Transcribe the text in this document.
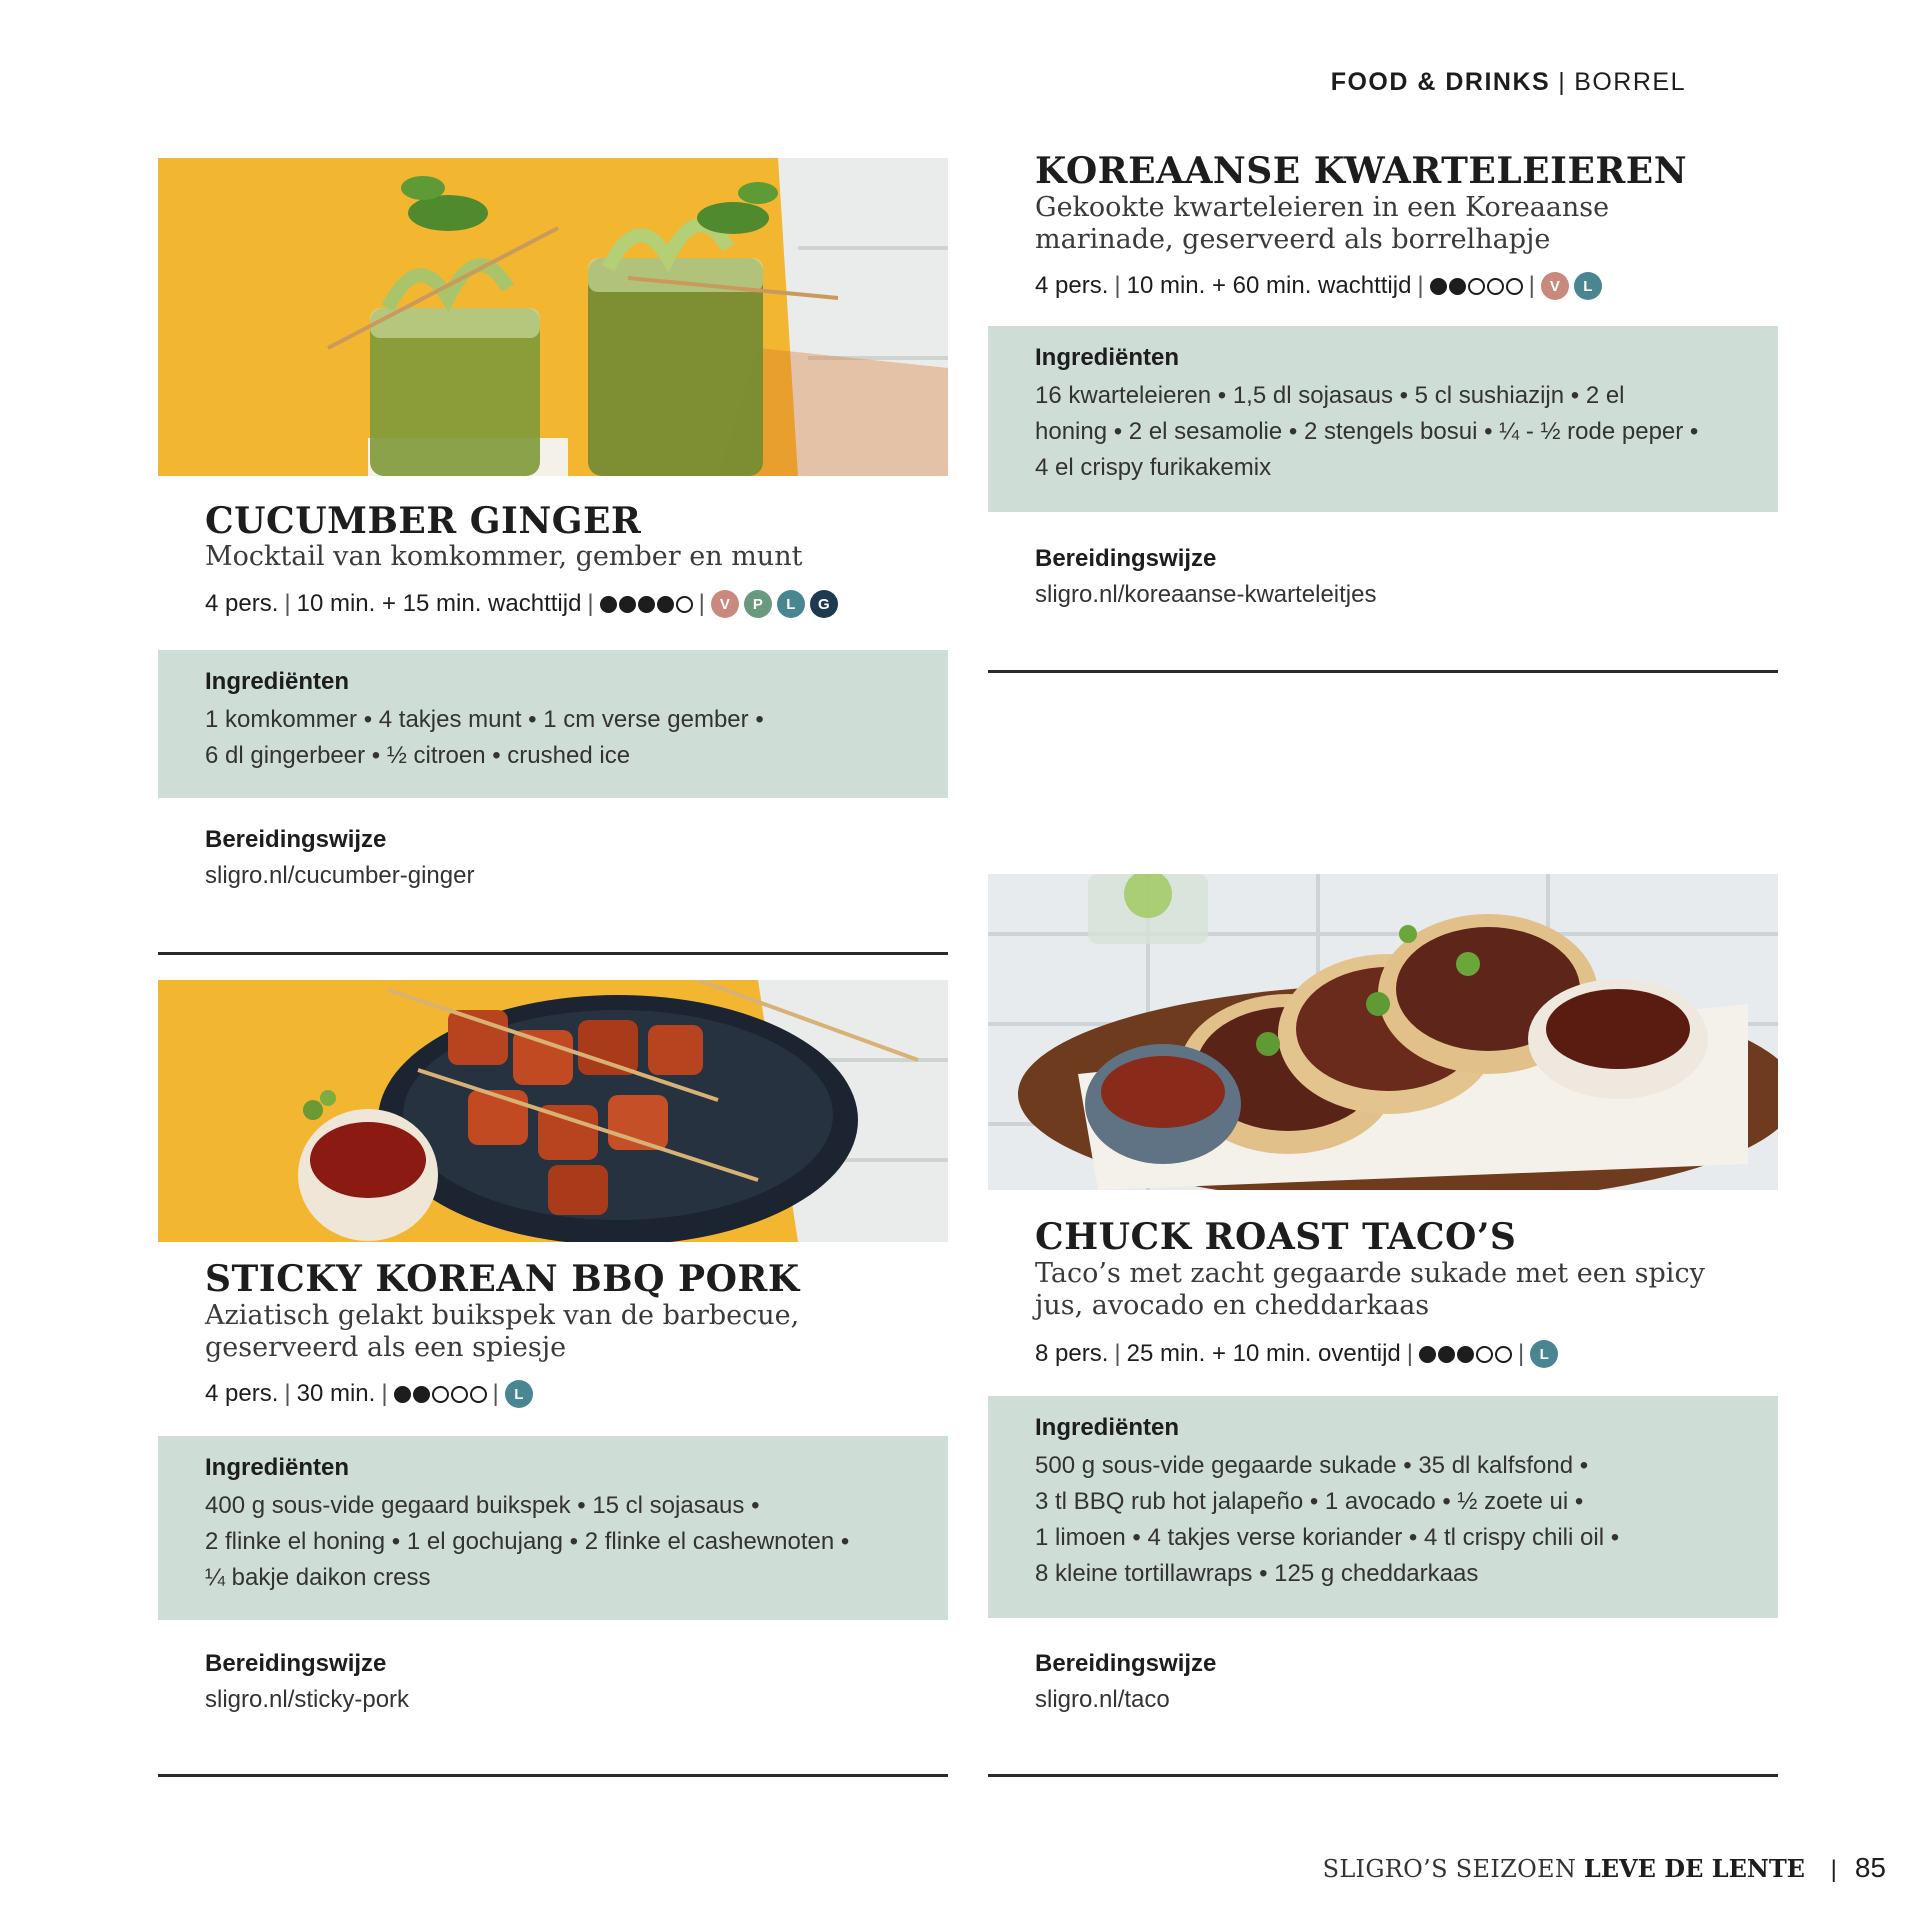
FOOD & DRINKS | BORREL
CUCUMBER GINGER
Mocktail van komkommer, gember en munt
4 pers. | 10 min. + 15 min. wachttijd |	| V	P	L	G
Ingrediënten
1 komkommer • 4 takjes munt • 1 cm verse gember •
6 dl gingerbeer • ½ citroen • crushed ice
Bereidingswijze
sligro.nl/cucumber-ginger
KOREAANSE KWARTELEIEREN
Gekookte kwarteleieren in een Koreaanse marinade, geserveerd als borrelhapje
4 pers. | 10 min. + 60 min. wachttijd |	| V	L
Ingrediënten
16 kwarteleieren • 1,5 dl sojasaus • 5 cl sushiazijn • 2 el
honing • 2 el sesamolie • 2 stengels bosui • ¼ - ½ rode peper •
4 el crispy furikakemix
Bereidingswijze
sligro.nl/koreaanse-kwarteleitjes
STICKY KOREAN BBQ PORK
Aziatisch gelakt buikspek van de barbecue, geserveerd als een spiesje
4 pers. | 30 min. |	|	L
Ingrediënten
400 g sous-vide gegaard buikspek • 15 cl sojasaus •
2 flinke el honing • 1 el gochujang • 2 flinke el cashewnoten •
¼ bakje daikon cress
Bereidingswijze
sligro.nl/sticky-pork
CHUCK ROAST TACO’S
Taco’s met zacht gegaarde sukade met een spicy jus, avocado en cheddarkaas
8 pers. | 25 min. + 10 min. oventijd |	|	L
Ingrediënten
500 g sous-vide gegaarde sukade • 35 dl kalfsfond •
3 tl BBQ rub hot jalapeño • 1 avocado • ½ zoete ui •
1 limoen • 4 takjes verse koriander • 4 tl crispy chili oil •
8 kleine tortillawraps • 125 g cheddarkaas
Bereidingswijze
sligro.nl/taco
SLIGRO’S SEIZOEN LEVE DE LENTE | 85
